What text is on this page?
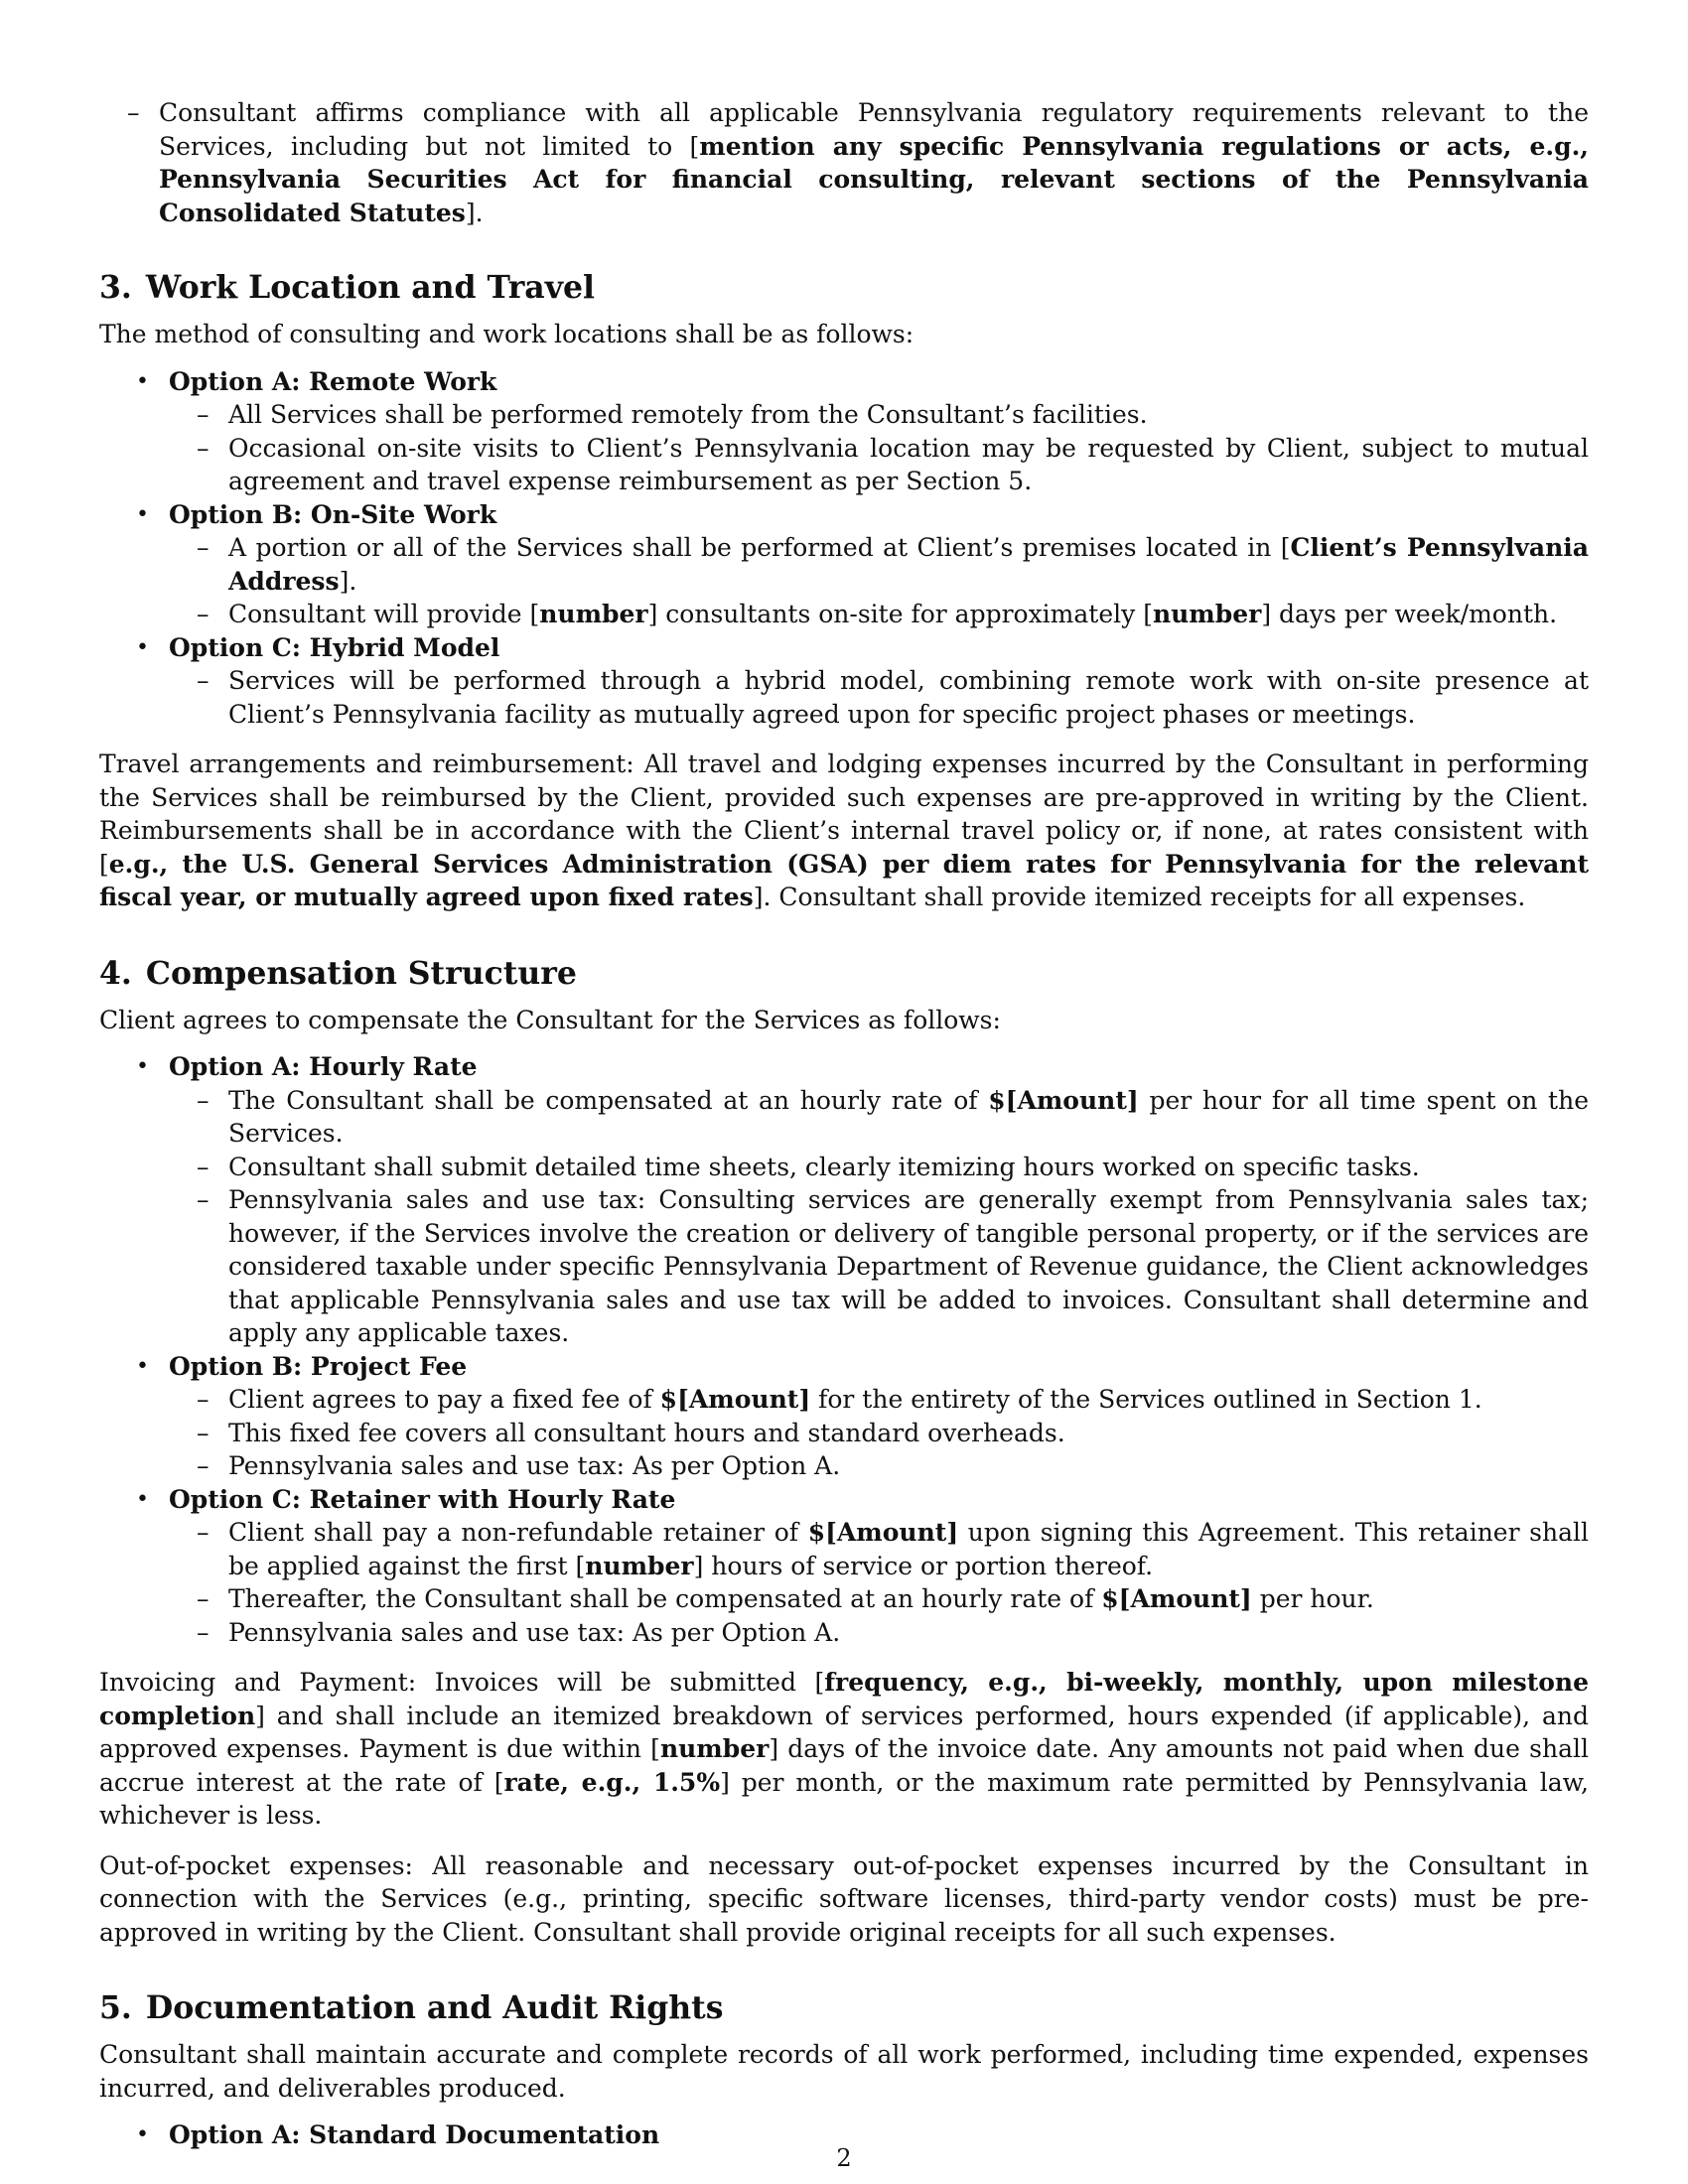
– Consultant affirms compliance with all applicable Pennsylvania regulatory requirements relevant to the Services, including but not limited to [mention any specific Pennsylvania regulations or acts, e.g., Pennsylvania Securities Act for financial consulting, relevant sections of the Pennsylvania Consolidated Statutes].
3. Work Location and Travel

The method of consulting and work locations shall be as follows:

• Option A: Remote Work
– All Services shall be performed remotely from the Consultant’s facilities.
– Occasional on-site visits to Client’s Pennsylvania location may be requested by Client, subject to mutual agreement and travel expense reimbursement as per Section 5.
• Option B: On-Site Work
– A portion or all of the Services shall be performed at Client’s premises located in [Client’s Pennsylvania Address].
– Consultant will provide [number] consultants on-site for approximately [number] days per week/month.
• Option C: Hybrid Model
– Services will be performed through a hybrid model, combining remote work with on-site presence at Client’s Pennsylvania facility as mutually agreed upon for specific project phases or meetings.

Travel arrangements and reimbursement: All travel and lodging expenses incurred by the Consultant in performing the Services shall be reimbursed by the Client, provided such expenses are pre-approved in writing by the Client. Reimbursements shall be in accordance with the Client’s internal travel policy or, if none, at rates consistent with [e.g., the U.S. General Services Administration (GSA) per diem rates for Pennsylvania for the relevant fiscal year, or mutually agreed upon fixed rates]. Consultant shall provide itemized receipts for all expenses.

4. Compensation Structure

Client agrees to compensate the Consultant for the Services as follows:

• Option A: Hourly Rate
– The Consultant shall be compensated at an hourly rate of $[Amount] per hour for all time spent on the Services.
– Consultant shall submit detailed time sheets, clearly itemizing hours worked on specific tasks.
– Pennsylvania sales and use tax: Consulting services are generally exempt from Pennsylvania sales tax; however, if the Services involve the creation or delivery of tangible personal property, or if the services are considered taxable under specific Pennsylvania Department of Revenue guidance, the Client acknowledges that applicable Pennsylvania sales and use tax will be added to invoices. Consultant shall determine and apply any applicable taxes.
• Option B: Project Fee
– Client agrees to pay a fixed fee of $[Amount] for the entirety of the Services outlined in Section 1.
– This fixed fee covers all consultant hours and standard overheads.
– Pennsylvania sales and use tax: As per Option A.
• Option C: Retainer with Hourly Rate
– Client shall pay a non-refundable retainer of $[Amount] upon signing this Agreement. This retainer shall be applied against the first [number] hours of service or portion thereof.
– Thereafter, the Consultant shall be compensated at an hourly rate of $[Amount] per hour.
– Pennsylvania sales and use tax: As per Option A.

Invoicing and Payment: Invoices will be submitted [frequency, e.g., bi-weekly, monthly, upon milestone completion] and shall include an itemized breakdown of services performed, hours expended (if applicable), and approved expenses. Payment is due within [number] days of the invoice date. Any amounts not paid when due shall accrue interest at the rate of [rate, e.g., 1.5%] per month, or the maximum rate permitted by Pennsylvania law, whichever is less.

Out-of-pocket expenses: All reasonable and necessary out-of-pocket expenses incurred by the Consultant in connection with the Services (e.g., printing, specific software licenses, third-party vendor costs) must be pre-approved in writing by the Client. Consultant shall provide original receipts for all such expenses.

5. Documentation and Audit Rights

Consultant shall maintain accurate and complete records of all work performed, including time expended, expenses incurred, and deliverables produced.

• Option A: Standard Documentation
2
